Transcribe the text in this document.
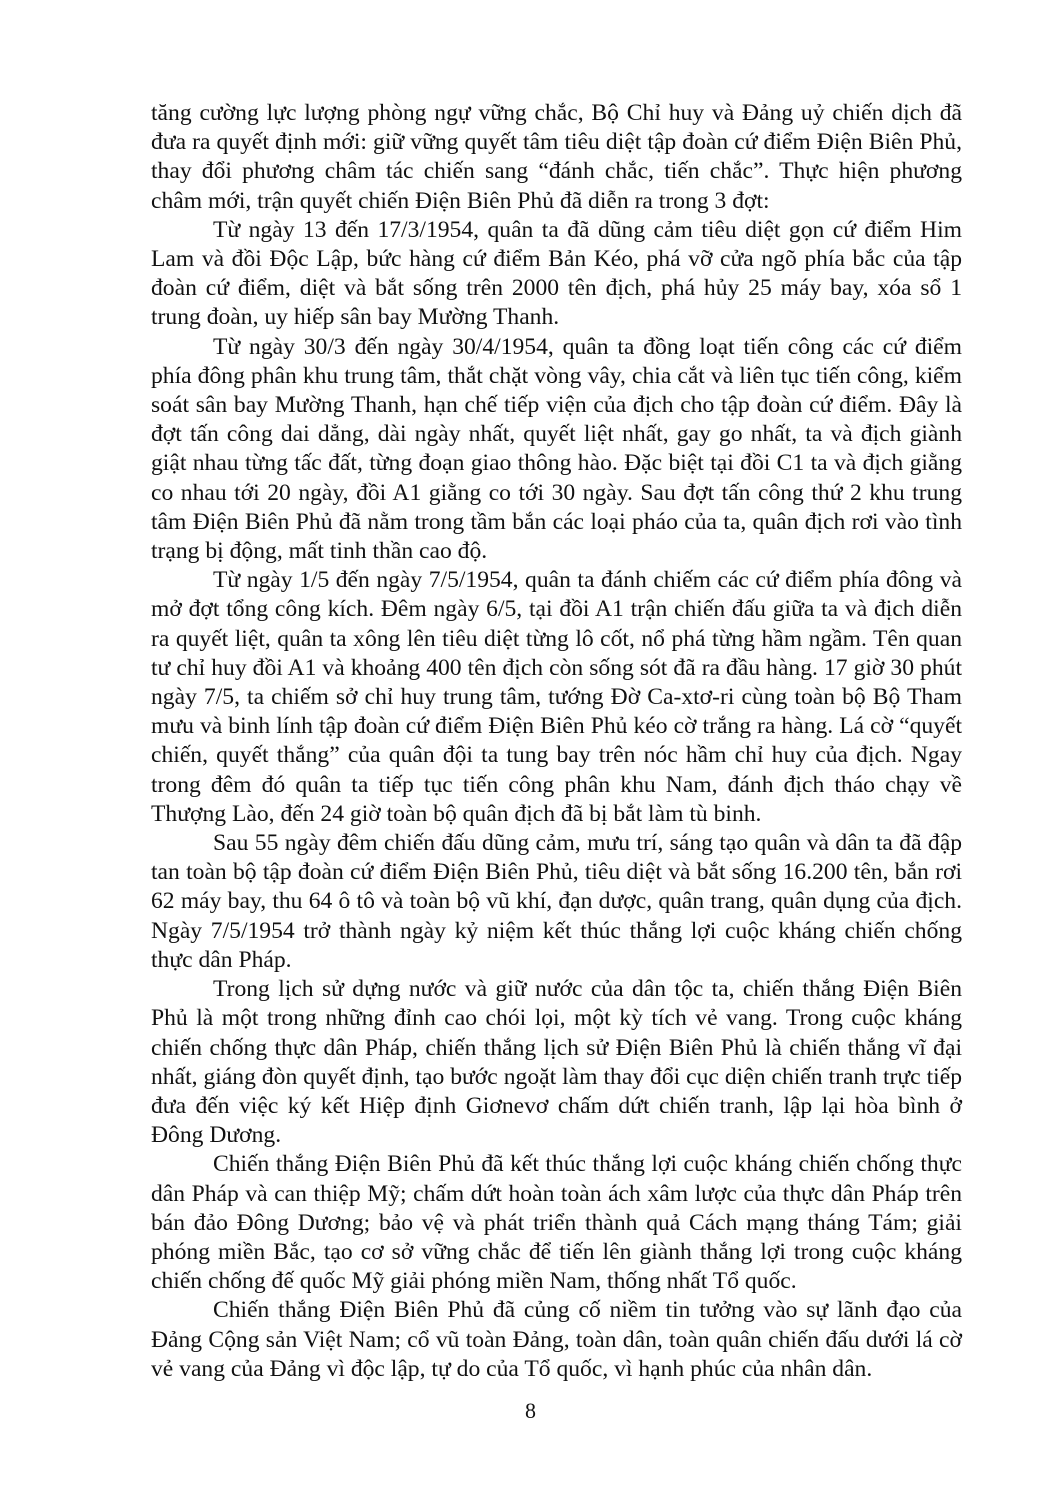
tăng cường lực lượng phòng ngự vững chắc, Bộ Chỉ huy và Đảng uỷ chiến dịch đã đưa ra quyết định mới: giữ vững quyết tâm tiêu diệt tập đoàn cứ điểm Điện Biên Phủ, thay đổi phương châm tác chiến sang “đánh chắc, tiến chắc”. Thực hiện phương châm mới, trận quyết chiến Điện Biên Phủ đã diễn ra trong 3 đợt:

Từ ngày 13 đến 17/3/1954, quân ta đã dũng cảm tiêu diệt gọn cứ điểm Him Lam và đồi Độc Lập, bức hàng cứ điểm Bản Kéo, phá vỡ cửa ngõ phía bắc của tập đoàn cứ điểm, diệt và bắt sống trên 2000 tên địch, phá hủy 25 máy bay, xóa sổ 1 trung đoàn, uy hiếp sân bay Mường Thanh.

Từ ngày 30/3 đến ngày 30/4/1954, quân ta đồng loạt tiến công các cứ điểm phía đông phân khu trung tâm, thắt chặt vòng vây, chia cắt và liên tục tiến công, kiểm soát sân bay Mường Thanh, hạn chế tiếp viện của địch cho tập đoàn cứ điểm. Đây là đợt tấn công dai dẳng, dài ngày nhất, quyết liệt nhất, gay go nhất, ta và địch giành giật nhau từng tấc đất, từng đoạn giao thông hào. Đặc biệt tại đồi C1 ta và địch giằng co nhau tới 20 ngày, đồi A1 giằng co tới 30 ngày. Sau đợt tấn công thứ 2 khu trung tâm Điện Biên Phủ đã nằm trong tầm bắn các loại pháo của ta, quân địch rơi vào tình trạng bị động, mất tinh thần cao độ.

Từ ngày 1/5 đến ngày 7/5/1954, quân ta đánh chiếm các cứ điểm phía đông và mở đợt tổng công kích. Đêm ngày 6/5, tại đồi A1 trận chiến đấu giữa ta và địch diễn ra quyết liệt, quân ta xông lên tiêu diệt từng lô cốt, nổ phá từng hầm ngầm. Tên quan tư chỉ huy đồi A1 và khoảng 400 tên địch còn sống sót đã ra đầu hàng. 17 giờ 30 phút ngày 7/5, ta chiếm sở chỉ huy trung tâm, tướng Đờ Ca-xtơ-ri cùng toàn bộ Bộ Tham mưu và binh lính tập đoàn cứ điểm Điện Biên Phủ kéo cờ trắng ra hàng. Lá cờ “quyết chiến, quyết thắng” của quân đội ta tung bay trên nóc hầm chỉ huy của địch. Ngay trong đêm đó quân ta tiếp tục tiến công phân khu Nam, đánh địch tháo chạy về Thượng Lào, đến 24 giờ toàn bộ quân địch đã bị bắt làm tù binh.

Sau 55 ngày đêm chiến đấu dũng cảm, mưu trí, sáng tạo quân và dân ta đã đập tan toàn bộ tập đoàn cứ điểm Điện Biên Phủ, tiêu diệt và bắt sống 16.200 tên, bắn rơi 62 máy bay, thu 64 ô tô và toàn bộ vũ khí, đạn dược, quân trang, quân dụng của địch. Ngày 7/5/1954 trở thành ngày kỷ niệm kết thúc thắng lợi cuộc kháng chiến chống thực dân Pháp.

Trong lịch sử dựng nước và giữ nước của dân tộc ta, chiến thắng Điện Biên Phủ là một trong những đỉnh cao chói lọi, một kỳ tích vẻ vang. Trong cuộc kháng chiến chống thực dân Pháp, chiến thắng lịch sử Điện Biên Phủ là chiến thắng vĩ đại nhất, giáng đòn quyết định, tạo bước ngoặt làm thay đổi cục diện chiến tranh trực tiếp đưa đến việc ký kết Hiệp định Giơnevơ chấm dứt chiến tranh, lập lại hòa bình ở Đông Dương.

Chiến thắng Điện Biên Phủ đã kết thúc thắng lợi cuộc kháng chiến chống thực dân Pháp và can thiệp Mỹ; chấm dứt hoàn toàn ách xâm lược của thực dân Pháp trên bán đảo Đông Dương; bảo vệ và phát triển thành quả Cách mạng tháng Tám; giải phóng miền Bắc, tạo cơ sở vững chắc để tiến lên giành thắng lợi trong cuộc kháng chiến chống đế quốc Mỹ giải phóng miền Nam, thống nhất Tổ quốc.

Chiến thắng Điện Biên Phủ đã củng cố niềm tin tưởng vào sự lãnh đạo của Đảng Cộng sản Việt Nam; cổ vũ toàn Đảng, toàn dân, toàn quân chiến đấu dưới lá cờ vẻ vang của Đảng vì độc lập, tự do của Tổ quốc, vì hạnh phúc của nhân dân.

8
